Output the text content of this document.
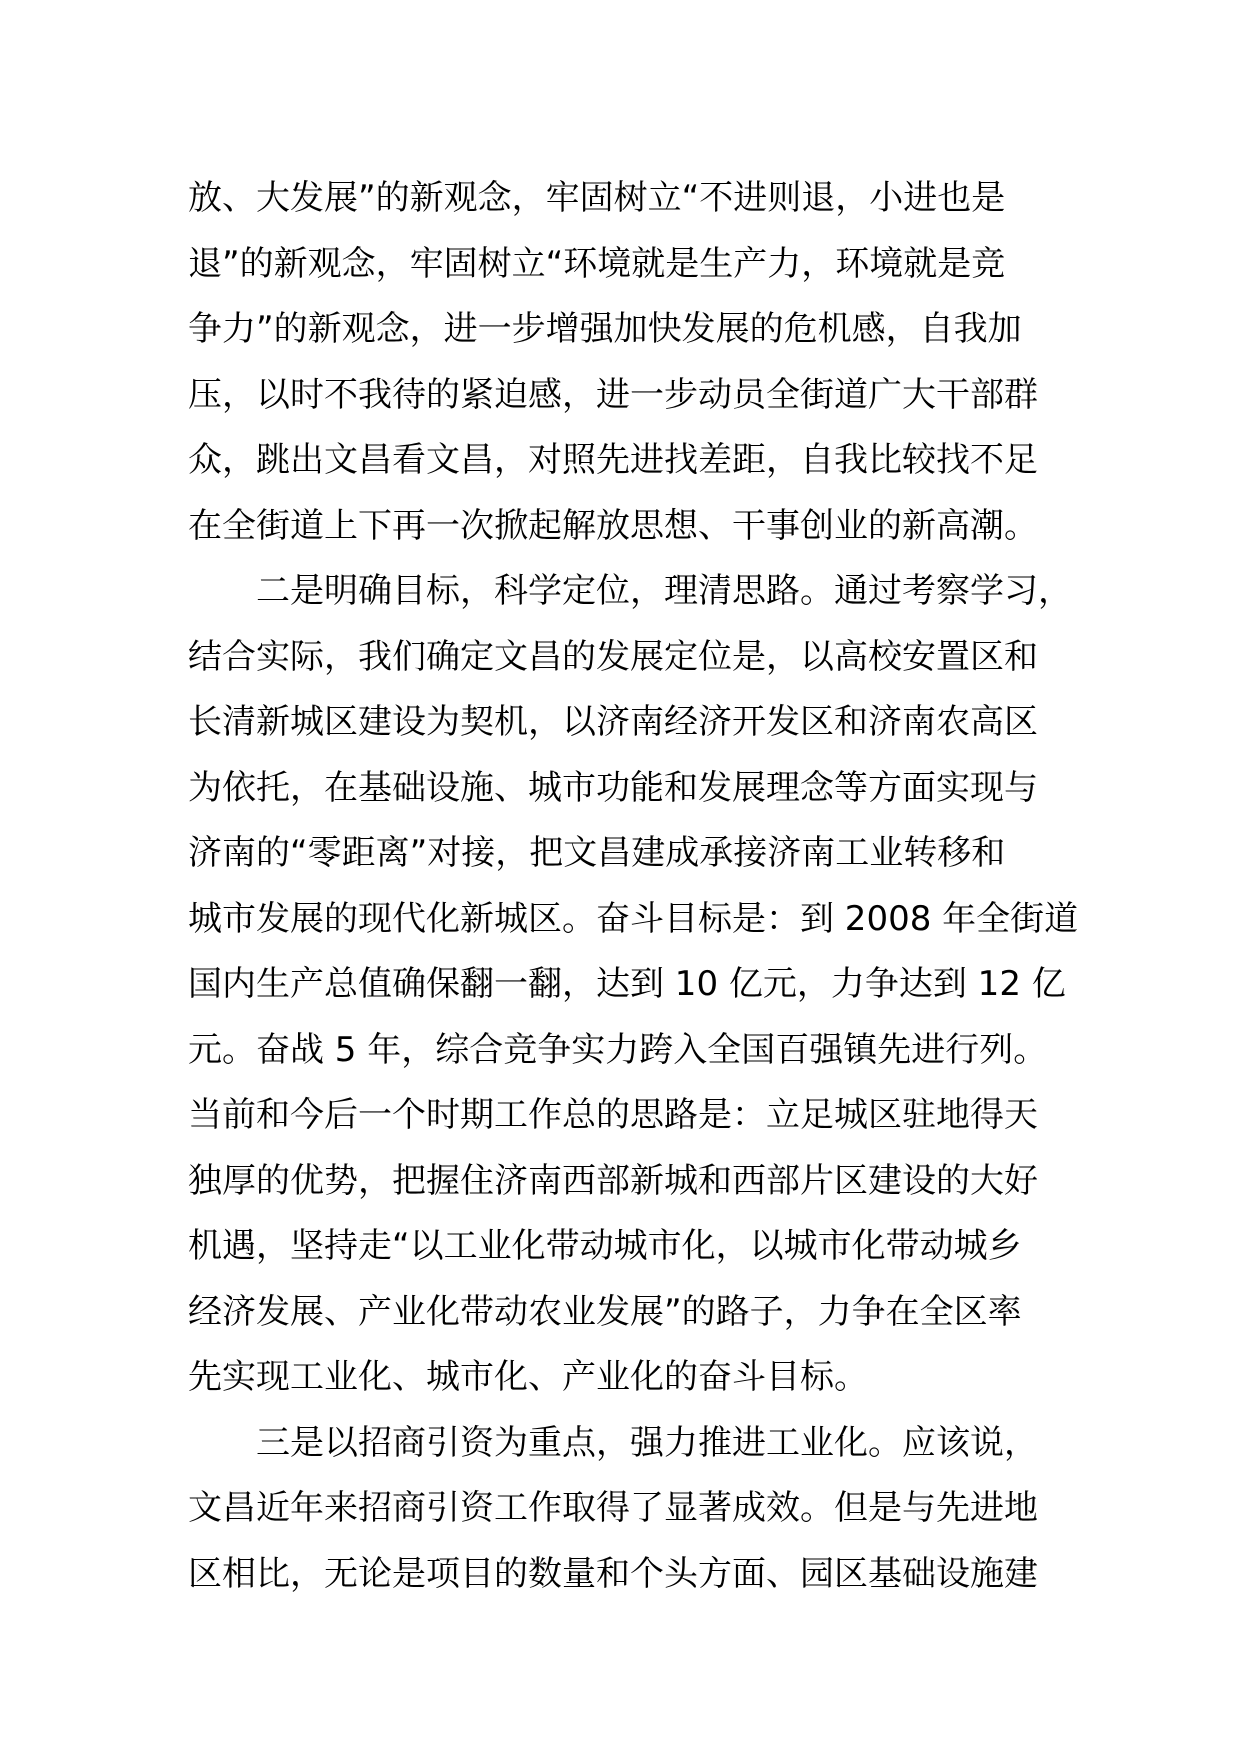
放、大发展”的新观念，牢固树立“不进则退，小进也是
退”的新观念，牢固树立“环境就是生产力，环境就是竞
争力”的新观念，进一步增强加快发展的危机感，自我加
压，以时不我待的紧迫感，进一步动员全街道广大干部群
众，跳出文昌看文昌，对照先进找差距，自我比较找不足
在全街道上下再一次掀起解放思想、干事创业的新高潮。
二是明确目标，科学定位，理清思路。通过考察学习，
结合实际，我们确定文昌的发展定位是，以高校安置区和
长清新城区建设为契机，以济南经济开发区和济南农高区
为依托，在基础设施、城市功能和发展理念等方面实现与
济南的“零距离”对接，把文昌建成承接济南工业转移和
城市发展的现代化新城区。奋斗目标是：到 2008 年全街道
国内生产总值确保翻一翻，达到 10 亿元，力争达到 12 亿
元。奋战 5 年，综合竞争实力跨入全国百强镇先进行列。
当前和今后一个时期工作总的思路是：立足城区驻地得天
独厚的优势，把握住济南西部新城和西部片区建设的大好
机遇，坚持走“以工业化带动城市化，以城市化带动城乡
经济发展、产业化带动农业发展”的路子，力争在全区率
先实现工业化、城市化、产业化的奋斗目标。
三是以招商引资为重点，强力推进工业化。应该说，
文昌近年来招商引资工作取得了显著成效。但是与先进地
区相比，无论是项目的数量和个头方面、园区基础设施建
